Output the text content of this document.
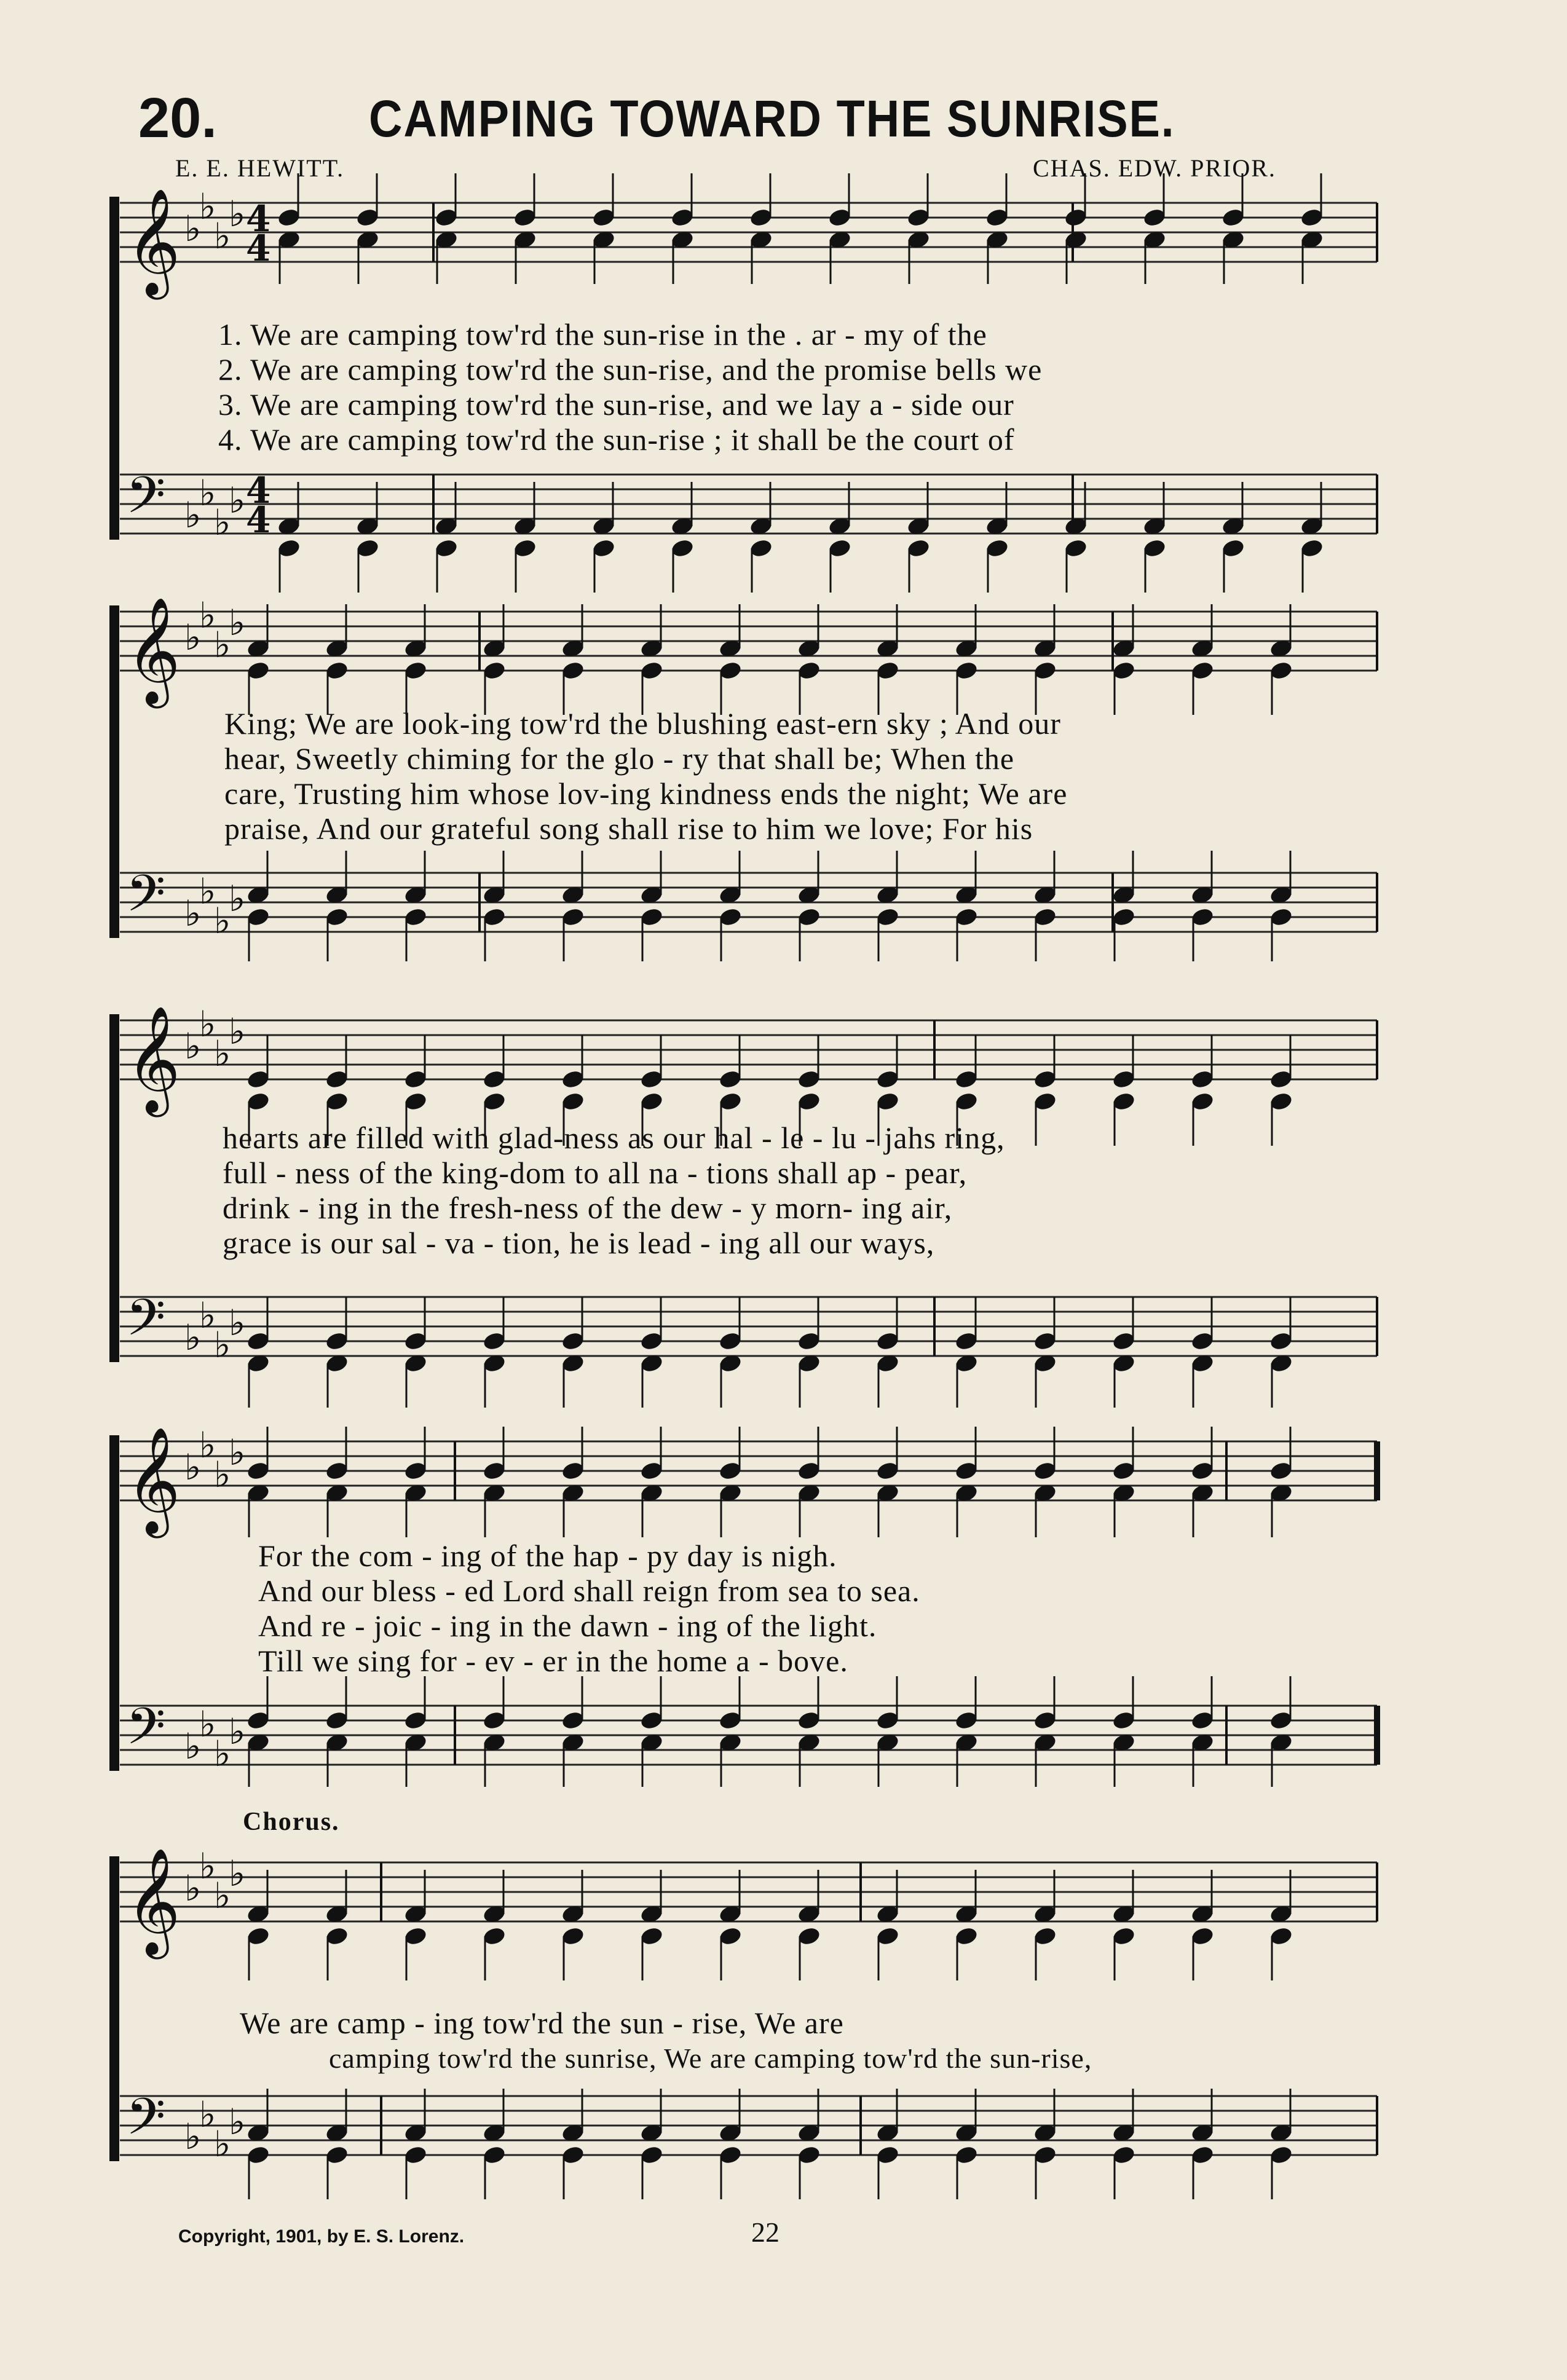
20.	CAMPING TOWARD THE SUNRISE.
E. E. HEWITT.	CHAS. EDW. PRIOR.
𝄞 ♭
♭
♭
♭ 4
4
𝄢 ♭
♭
♭
♭ 4
4
𝄞 ♭
♭
♭
♭
𝄢 ♭
♭
♭
♭
𝄞 ♭
♭
♭
♭
𝄢 ♭
♭
♭
♭
𝄞 ♭
♭
♭
♭
𝄢 ♭
♭
♭
♭
𝄞 ♭
♭
♭
♭
𝄢 ♭
♭
♭
♭
1. We are camping tow'rd the sun-rise in the . ar - my of the
2. We are camping tow'rd the sun-rise, and the promise bells we
3. We are camping tow'rd the sun-rise, and we lay a - side our
4. We are camping tow'rd the sun-rise ; it shall be the court of
King; We are look-ing tow'rd the blushing east-ern sky ; And our
hear, Sweetly chiming for the glo - ry that shall be; When the
care, Trusting him whose lov-ing kindness ends the night; We are
praise, And our grateful song shall rise to him we love; For his
hearts are filled with glad-ness as our hal - le - lu - jahs ring,
full - ness of the king-dom to all na - tions shall ap - pear,
drink - ing in the fresh-ness of the dew - y morn- ing air,
grace is our sal - va - tion, he is lead - ing all our ways,
For the com - ing of the hap - py day is nigh.
And our bless - ed Lord shall reign from sea to sea.
And re - joic - ing in the dawn - ing of the light.
Till we sing for - ev - er in the home a - bove.
Chorus.
We are camp - ing tow'rd the sun - rise, We are
camping tow'rd the sunrise, We are camping tow'rd the sun-rise,
Copyright, 1901, by E. S. Lorenz.	22
